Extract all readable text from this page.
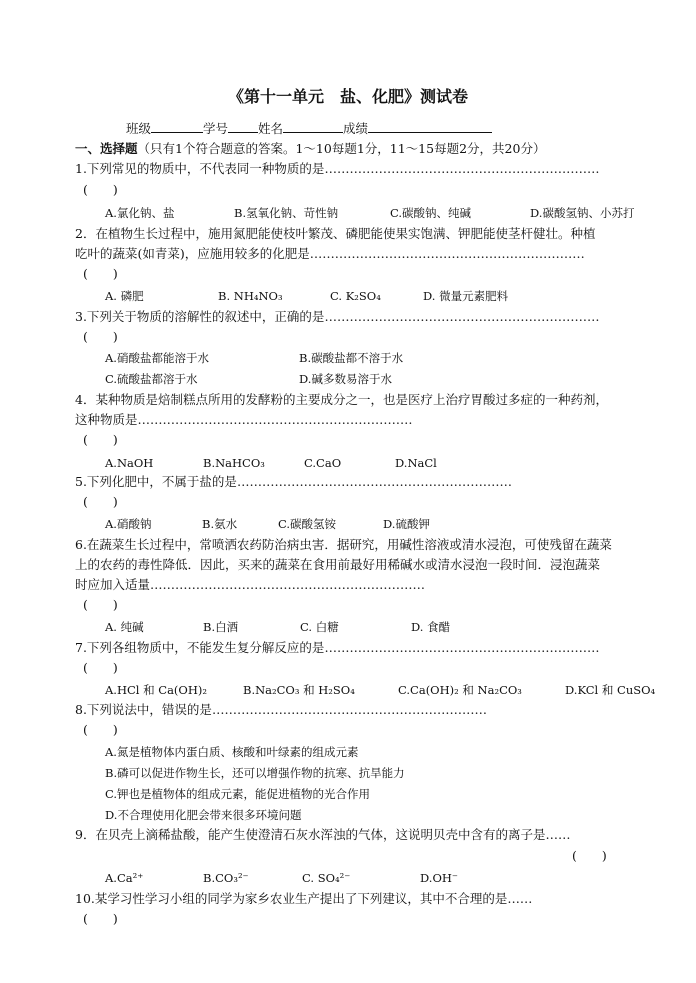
《第十一单元　盐、化肥》测试卷
班级	学号 姓名	成绩
一、选择题（只有1个符合题意的答案。1～10每题1分，11～15每题2分，共20分）
1.下列常见的物质中，不代表同一种物质的是…………………………………………………………
(　　)
A.氯化钠、盐	B.氢氧化钠、苛性钠	C.碳酸钠、纯碱	D.碳酸氢钠、小苏打
2．在植物生长过程中，施用氮肥能使枝叶繁茂、磷肥能使果实饱满、钾肥能使茎杆健壮。种植
吃叶的蔬菜(如青菜)，应施用较多的化肥是…………………………………………………………
(　　)
A. 磷肥	B. NH₄NO₃	C. K₂SO₄	D. 微量元素肥料
3.下列关于物质的溶解性的叙述中，正确的是…………………………………………………………
(　　)
A.硝酸盐都能溶于水	B.碳酸盐都不溶于水
C.硫酸盐都溶于水	D.碱多数易溶于水
4．某种物质是焙制糕点所用的发酵粉的主要成分之一，也是医疗上治疗胃酸过多症的一种药剂，
这种物质是…………………………………………………………
(　　)
A.NaOH	B.NaHCO₃	C.CaO	D.NaCl
5.下列化肥中，不属于盐的是…………………………………………………………
(　　)
A.硝酸钠	B.氨水	C.碳酸氢铵	D.硫酸钾
6.在蔬菜生长过程中，常喷洒农药防治病虫害．据研究，用碱性溶液或清水浸泡，可使残留在蔬菜
上的农药的毒性降低．因此，买来的蔬菜在食用前最好用稀碱水或清水浸泡一段时间．浸泡蔬菜
时应加入适量…………………………………………………………
(　　)
A. 纯碱	B.白酒	C. 白糖	D. 食醋
7.下列各组物质中，不能发生复分解反应的是…………………………………………………………
(　　)
A.HCl 和 Ca(OH)₂	B.Na₂CO₃ 和 H₂SO₄	C.Ca(OH)₂ 和 Na₂CO₃	D.KCl 和 CuSO₄
8.下列说法中，错误的是…………………………………………………………
(　　)
A.氮是植物体内蛋白质、核酸和叶绿素的组成元素
B.磷可以促进作物生长，还可以增强作物的抗寒、抗旱能力
C.钾也是植物体的组成元素，能促进植物的光合作用
D.不合理使用化肥会带来很多环境问题
9．在贝壳上滴稀盐酸，能产生使澄清石灰水浑浊的气体，这说明贝壳中含有的离子是……
(　　)
A.Ca²⁺	B.CO₃²⁻	C. SO₄²⁻	D.OH⁻
10.某学习性学习小组的同学为家乡农业生产提出了下列建议，其中不合理的是……
(　　)
